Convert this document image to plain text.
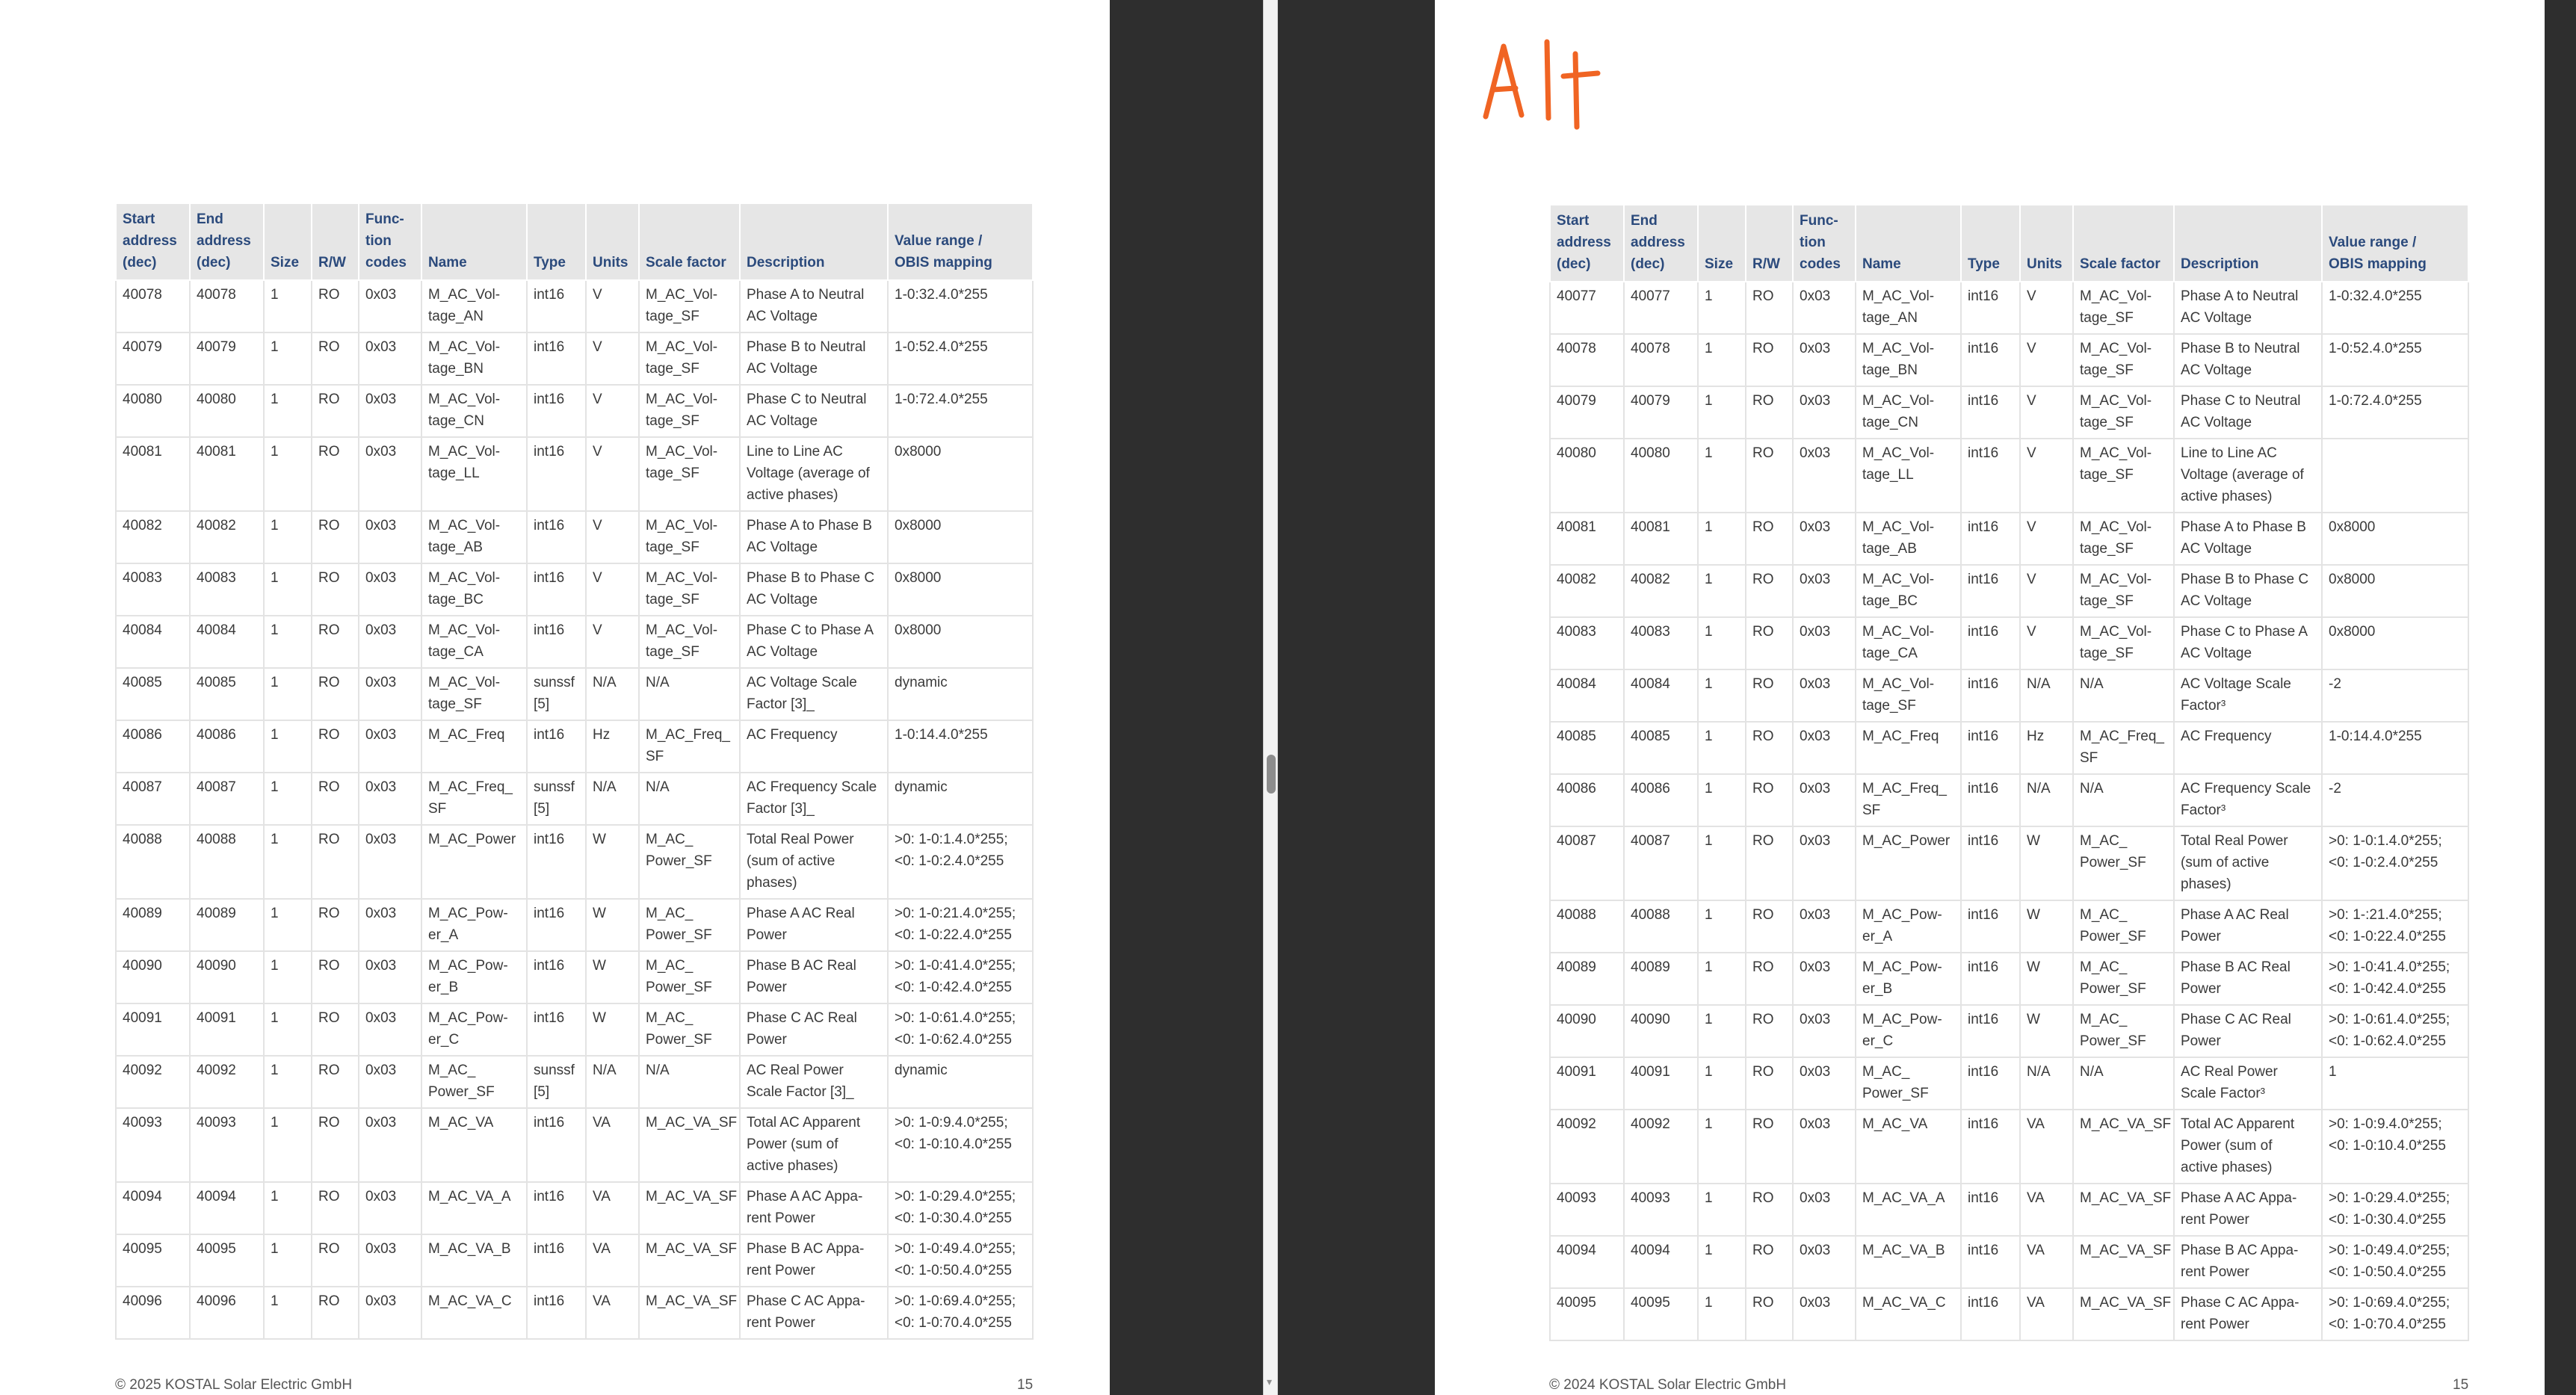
Start
address
(dec)	End
address
(dec)	Size	R/W	Func-
tion
codes	Name	Type	Units	Scale factor	Description	Value range /
OBIS mapping
40078	40078	1	RO	0x03	M_AC_Vol-
tage_AN	int16	V	M_AC_Vol-
tage_SF	Phase A to Neutral
AC Voltage	1-0:32.4.0*255
40079	40079	1	RO	0x03	M_AC_Vol-
tage_BN	int16	V	M_AC_Vol-
tage_SF	Phase B to Neutral
AC Voltage	1-0:52.4.0*255
40080	40080	1	RO	0x03	M_AC_Vol-
tage_CN	int16	V	M_AC_Vol-
tage_SF	Phase C to Neutral
AC Voltage	1-0:72.4.0*255
40081	40081	1	RO	0x03	M_AC_Vol-
tage_LL	int16	V	M_AC_Vol-
tage_SF	Line to Line AC
Voltage (average of
active phases)	0x8000
40082	40082	1	RO	0x03	M_AC_Vol-
tage_AB	int16	V	M_AC_Vol-
tage_SF	Phase A to Phase B
AC Voltage	0x8000
40083	40083	1	RO	0x03	M_AC_Vol-
tage_BC	int16	V	M_AC_Vol-
tage_SF	Phase B to Phase C
AC Voltage	0x8000
40084	40084	1	RO	0x03	M_AC_Vol-
tage_CA	int16	V	M_AC_Vol-
tage_SF	Phase C to Phase A
AC Voltage	0x8000
40085	40085	1	RO	0x03	M_AC_Vol-
tage_SF	sunssf
[5]	N/A	N/A	AC Voltage Scale
Factor [3]_	dynamic
40086	40086	1	RO	0x03	M_AC_Freq	int16	Hz	M_AC_Freq_
SF	AC Frequency	1-0:14.4.0*255
40087	40087	1	RO	0x03	M_AC_Freq_
SF	sunssf
[5]	N/A	N/A	AC Frequency Scale
Factor [3]_	dynamic
40088	40088	1	RO	0x03	M_AC_Power	int16	W	M_AC_
Power_SF	Total Real Power
(sum of active
phases)	>0: 1-0:1.4.0*255;
<0: 1-0:2.4.0*255
40089	40089	1	RO	0x03	M_AC_Pow-
er_A	int16	W	M_AC_
Power_SF	Phase A AC Real
Power	>0: 1-0:21.4.0*255;
<0: 1-0:22.4.0*255
40090	40090	1	RO	0x03	M_AC_Pow-
er_B	int16	W	M_AC_
Power_SF	Phase B AC Real
Power	>0: 1-0:41.4.0*255;
<0: 1-0:42.4.0*255
40091	40091	1	RO	0x03	M_AC_Pow-
er_C	int16	W	M_AC_
Power_SF	Phase C AC Real
Power	>0: 1-0:61.4.0*255;
<0: 1-0:62.4.0*255
40092	40092	1	RO	0x03	M_AC_
Power_SF	sunssf
[5]	N/A	N/A	AC Real Power
Scale Factor [3]_	dynamic
40093	40093	1	RO	0x03	M_AC_VA	int16	VA	M_AC_VA_SF	Total AC Apparent
Power (sum of
active phases)	>0: 1-0:9.4.0*255;
<0: 1-0:10.4.0*255
40094	40094	1	RO	0x03	M_AC_VA_A	int16	VA	M_AC_VA_SF	Phase A AC Appa-
rent Power	>0: 1-0:29.4.0*255;
<0: 1-0:30.4.0*255
40095	40095	1	RO	0x03	M_AC_VA_B	int16	VA	M_AC_VA_SF	Phase B AC Appa-
rent Power	>0: 1-0:49.4.0*255;
<0: 1-0:50.4.0*255
40096	40096	1	RO	0x03	M_AC_VA_C	int16	VA	M_AC_VA_SF	Phase C AC Appa-
rent Power	>0: 1-0:69.4.0*255;
<0: 1-0:70.4.0*255
© 2025 KOSTAL Solar Electric GmbH	15	▾
Start
address
(dec)	End
address
(dec)	Size	R/W	Func-
tion
codes	Name	Type	Units	Scale factor	Description	Value range /
OBIS mapping
40077	40077	1	RO	0x03	M_AC_Vol-
tage_AN	int16	V	M_AC_Vol-
tage_SF	Phase A to Neutral
AC Voltage	1-0:32.4.0*255
40078	40078	1	RO	0x03	M_AC_Vol-
tage_BN	int16	V	M_AC_Vol-
tage_SF	Phase B to Neutral
AC Voltage	1-0:52.4.0*255
40079	40079	1	RO	0x03	M_AC_Vol-
tage_CN	int16	V	M_AC_Vol-
tage_SF	Phase C to Neutral
AC Voltage	1-0:72.4.0*255
40080	40080	1	RO	0x03	M_AC_Vol-
tage_LL	int16	V	M_AC_Vol-
tage_SF	Line to Line AC
Voltage (average of
active phases)	
40081	40081	1	RO	0x03	M_AC_Vol-
tage_AB	int16	V	M_AC_Vol-
tage_SF	Phase A to Phase B
AC Voltage	0x8000
40082	40082	1	RO	0x03	M_AC_Vol-
tage_BC	int16	V	M_AC_Vol-
tage_SF	Phase B to Phase C
AC Voltage	0x8000
40083	40083	1	RO	0x03	M_AC_Vol-
tage_CA	int16	V	M_AC_Vol-
tage_SF	Phase C to Phase A
AC Voltage	0x8000
40084	40084	1	RO	0x03	M_AC_Vol-
tage_SF	int16	N/A	N/A	AC Voltage Scale
Factor³	-2
40085	40085	1	RO	0x03	M_AC_Freq	int16	Hz	M_AC_Freq_
SF	AC Frequency	1-0:14.4.0*255
40086	40086	1	RO	0x03	M_AC_Freq_
SF	int16	N/A	N/A	AC Frequency Scale
Factor³	-2
40087	40087	1	RO	0x03	M_AC_Power	int16	W	M_AC_
Power_SF	Total Real Power
(sum of active
phases)	>0: 1-0:1.4.0*255;
<0: 1-0:2.4.0*255
40088	40088	1	RO	0x03	M_AC_Pow-
er_A	int16	W	M_AC_
Power_SF	Phase A AC Real
Power	>0: 1-:21.4.0*255;
<0: 1-0:22.4.0*255
40089	40089	1	RO	0x03	M_AC_Pow-
er_B	int16	W	M_AC_
Power_SF	Phase B AC Real
Power	>0: 1-0:41.4.0*255;
<0: 1-0:42.4.0*255
40090	40090	1	RO	0x03	M_AC_Pow-
er_C	int16	W	M_AC_
Power_SF	Phase C AC Real
Power	>0: 1-0:61.4.0*255;
<0: 1-0:62.4.0*255
40091	40091	1	RO	0x03	M_AC_
Power_SF	int16	N/A	N/A	AC Real Power
Scale Factor³	1
40092	40092	1	RO	0x03	M_AC_VA	int16	VA	M_AC_VA_SF	Total AC Apparent
Power (sum of
active phases)	>0: 1-0:9.4.0*255;
<0: 1-0:10.4.0*255
40093	40093	1	RO	0x03	M_AC_VA_A	int16	VA	M_AC_VA_SF	Phase A AC Appa-
rent Power	>0: 1-0:29.4.0*255;
<0: 1-0:30.4.0*255
40094	40094	1	RO	0x03	M_AC_VA_B	int16	VA	M_AC_VA_SF	Phase B AC Appa-
rent Power	>0: 1-0:49.4.0*255;
<0: 1-0:50.4.0*255
40095	40095	1	RO	0x03	M_AC_VA_C	int16	VA	M_AC_VA_SF	Phase C AC Appa-
rent Power	>0: 1-0:69.4.0*255;
<0: 1-0:70.4.0*255
© 2024 KOSTAL Solar Electric GmbH	15
